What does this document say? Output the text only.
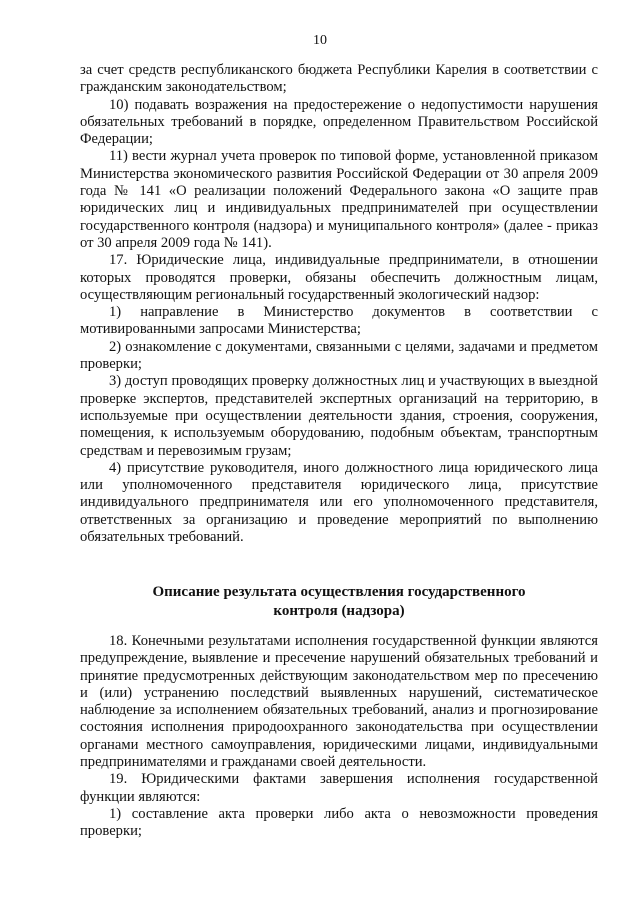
10

за счет средств республиканского бюджета Республики Карелия в соответствии с гражданским законодательством;

10) подавать возражения на предостережение о недопустимости нарушения обязательных требований в порядке, определенном Правительством Российской Федерации;

11) вести журнал учета проверок по типовой форме, установленной приказом Министерства экономического развития Российской Федерации от 30 апреля 2009 года № 141 «О реализации положений Федерального закона «О защите прав юридических лиц и индивидуальных предпринимателей при осуществлении государственного контроля (надзора) и муниципального контроля» (далее - приказ от 30 апреля 2009 года № 141).

17. Юридические лица, индивидуальные предприниматели, в отношении которых проводятся проверки, обязаны обеспечить должностным лицам, осуществляющим региональный государственный экологический надзор:

1) направление в Министерство документов в соответствии с мотивированными запросами Министерства;

2) ознакомление с документами, связанными с целями, задачами и предметом проверки;

3) доступ проводящих проверку должностных лиц и участвующих в выездной проверке экспертов, представителей экспертных организаций на территорию, в используемые при осуществлении деятельности здания, строения, сооружения, помещения, к используемым оборудованию, подобным объектам, транспортным средствам и перевозимым грузам;

4) присутствие руководителя, иного должностного лица юридического лица или уполномоченного представителя юридического лица, присутствие индивидуального предпринимателя или его уполномоченного представителя, ответственных за организацию и проведение мероприятий по выполнению обязательных требований.

Описание результата осуществления государственного
контроля (надзора)

18. Конечными результатами исполнения государственной функции являются предупреждение, выявление и пресечение нарушений обязательных требований и принятие предусмотренных действующим законодательством мер по пресечению и (или) устранению последствий выявленных нарушений, систематическое наблюдение за исполнением обязательных требований, анализ и прогнозирование состояния исполнения природоохранного законодательства при осуществлении органами местного самоуправления, юридическими лицами, индивидуальными предпринимателями и гражданами своей деятельности.

19. Юридическими фактами завершения исполнения государственной функции являются:

1) составление акта проверки либо акта о невозможности проведения проверки;
